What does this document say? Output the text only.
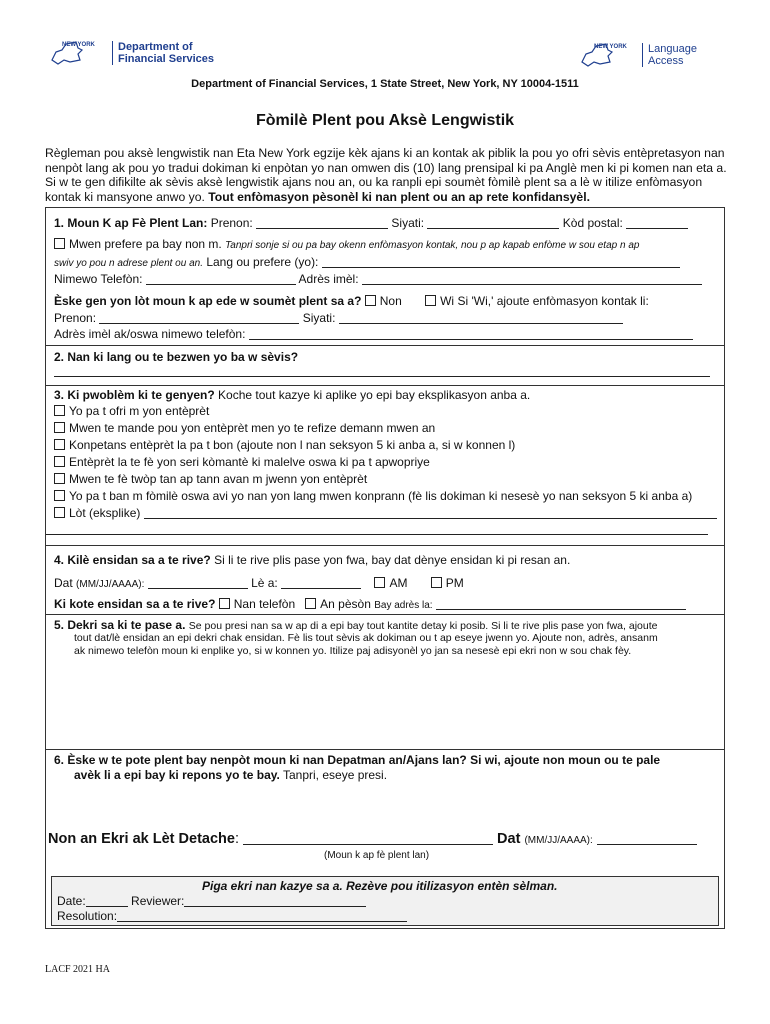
NEW YORK Department of
Financial Services
NEW YORK Language
Access
Department of Financial Services, 1 State Street, New York, NY 10004-1511
Fòmilè Plent pou Aksè Lengwistik
Règleman pou aksè lengwistik nan Eta New York egzije kèk ajans ki an kontak ak piblik la pou yo ofri sèvis entèpretasyon nan nenpòt lang ak pou yo tradui dokiman ki enpòtan yo nan omwen dis (10) lang prensipal ki pa Anglè men ki pi komen nan eta a. Si w te gen difikilte ak sèvis aksè lengwistik ajans nou an, ou ka ranpli epi soumèt fòmilè plent sa a lè w itilize enfòmasyon kontak ki mansyone anwo yo. Tout enfòmasyon pèsonèl ki nan plent ou an ap rete konfidansyèl.
1. Moun K ap Fè Plent Lan: Prenon:	Siyati:	Kòd postal:
Mwen prefere pa bay non m. Tanpri sonje si ou pa bay okenn enfòmasyon kontak, nou p ap kapab enfòme w sou etap n ap
swiv yo pou n adrese plent ou an. Lang ou prefere (yo):
Nimewo Telefòn:	Adrès imèl:
Èske gen yon lòt moun k ap ede w soumèt plent sa a? Non	Wi Si 'Wi,' ajoute enfòmasyon kontak li:
Prenon:	Siyati:
Adrès imèl ak/oswa nimewo telefòn:
2. Nan ki lang ou te bezwen yo ba w sèvis?
3. Ki pwoblèm ki te genyen? Koche tout kazye ki aplike yo epi bay eksplikasyon anba a.
Yo pa t ofri m yon entèprèt
Mwen te mande pou yon entèprèt men yo te refize demann mwen an
Konpetans entèprèt la pa t bon (ajoute non l nan seksyon 5 ki anba a, si w konnen l)
Entèprèt la te fè yon seri kòmantè ki malelve oswa ki pa t apwopriye
Mwen te fè twòp tan ap tann avan m jwenn yon entèprèt
Yo pa t ban m fòmilè oswa avi yo nan yon lang mwen konprann (fè lis dokiman ki nesesè yo nan seksyon 5 ki anba a)
Lòt (eksplike)
4. Kilè ensidan sa a te rive? Si li te rive plis pase yon fwa, bay dat dènye ensidan ki pi resan an.
Dat (MM/JJ/AAAA):	Lè a:	AM	PM
Ki kote ensidan sa a te rive? Nan telefòn An pèsòn Bay adrès la:
5. Dekri sa ki te pase a. Se pou presi nan sa w ap di a epi bay tout kantite detay ki posib. Si li te rive plis pase yon fwa, ajoute
tout dat/lè ensidan an epi dekri chak ensidan. Fè lis tout sèvis ak dokiman ou t ap eseye jwenn yo. Ajoute non, adrès, ansanm
ak nimewo telefòn moun ki enplike yo, si w konnen yo. Itilize paj adisyonèl yo jan sa nesesè epi ekri non w sou chak fèy.
6. Èske w te pote plent bay nenpòt moun ki nan Depatman an/Ajans lan? Si wi, ajoute non moun ou te pale
avèk li a epi bay ki repons yo te bay. Tanpri, eseye presi.
Non an Ekri ak Lèt Detache:	Dat (MM/JJ/AAAA):
(Moun k ap fè plent lan)
Piga ekri nan kazye sa a. Rezève pou itilizasyon entèn sèlman.
Date:	Reviewer:
Resolution:
LACF 2021 HA
